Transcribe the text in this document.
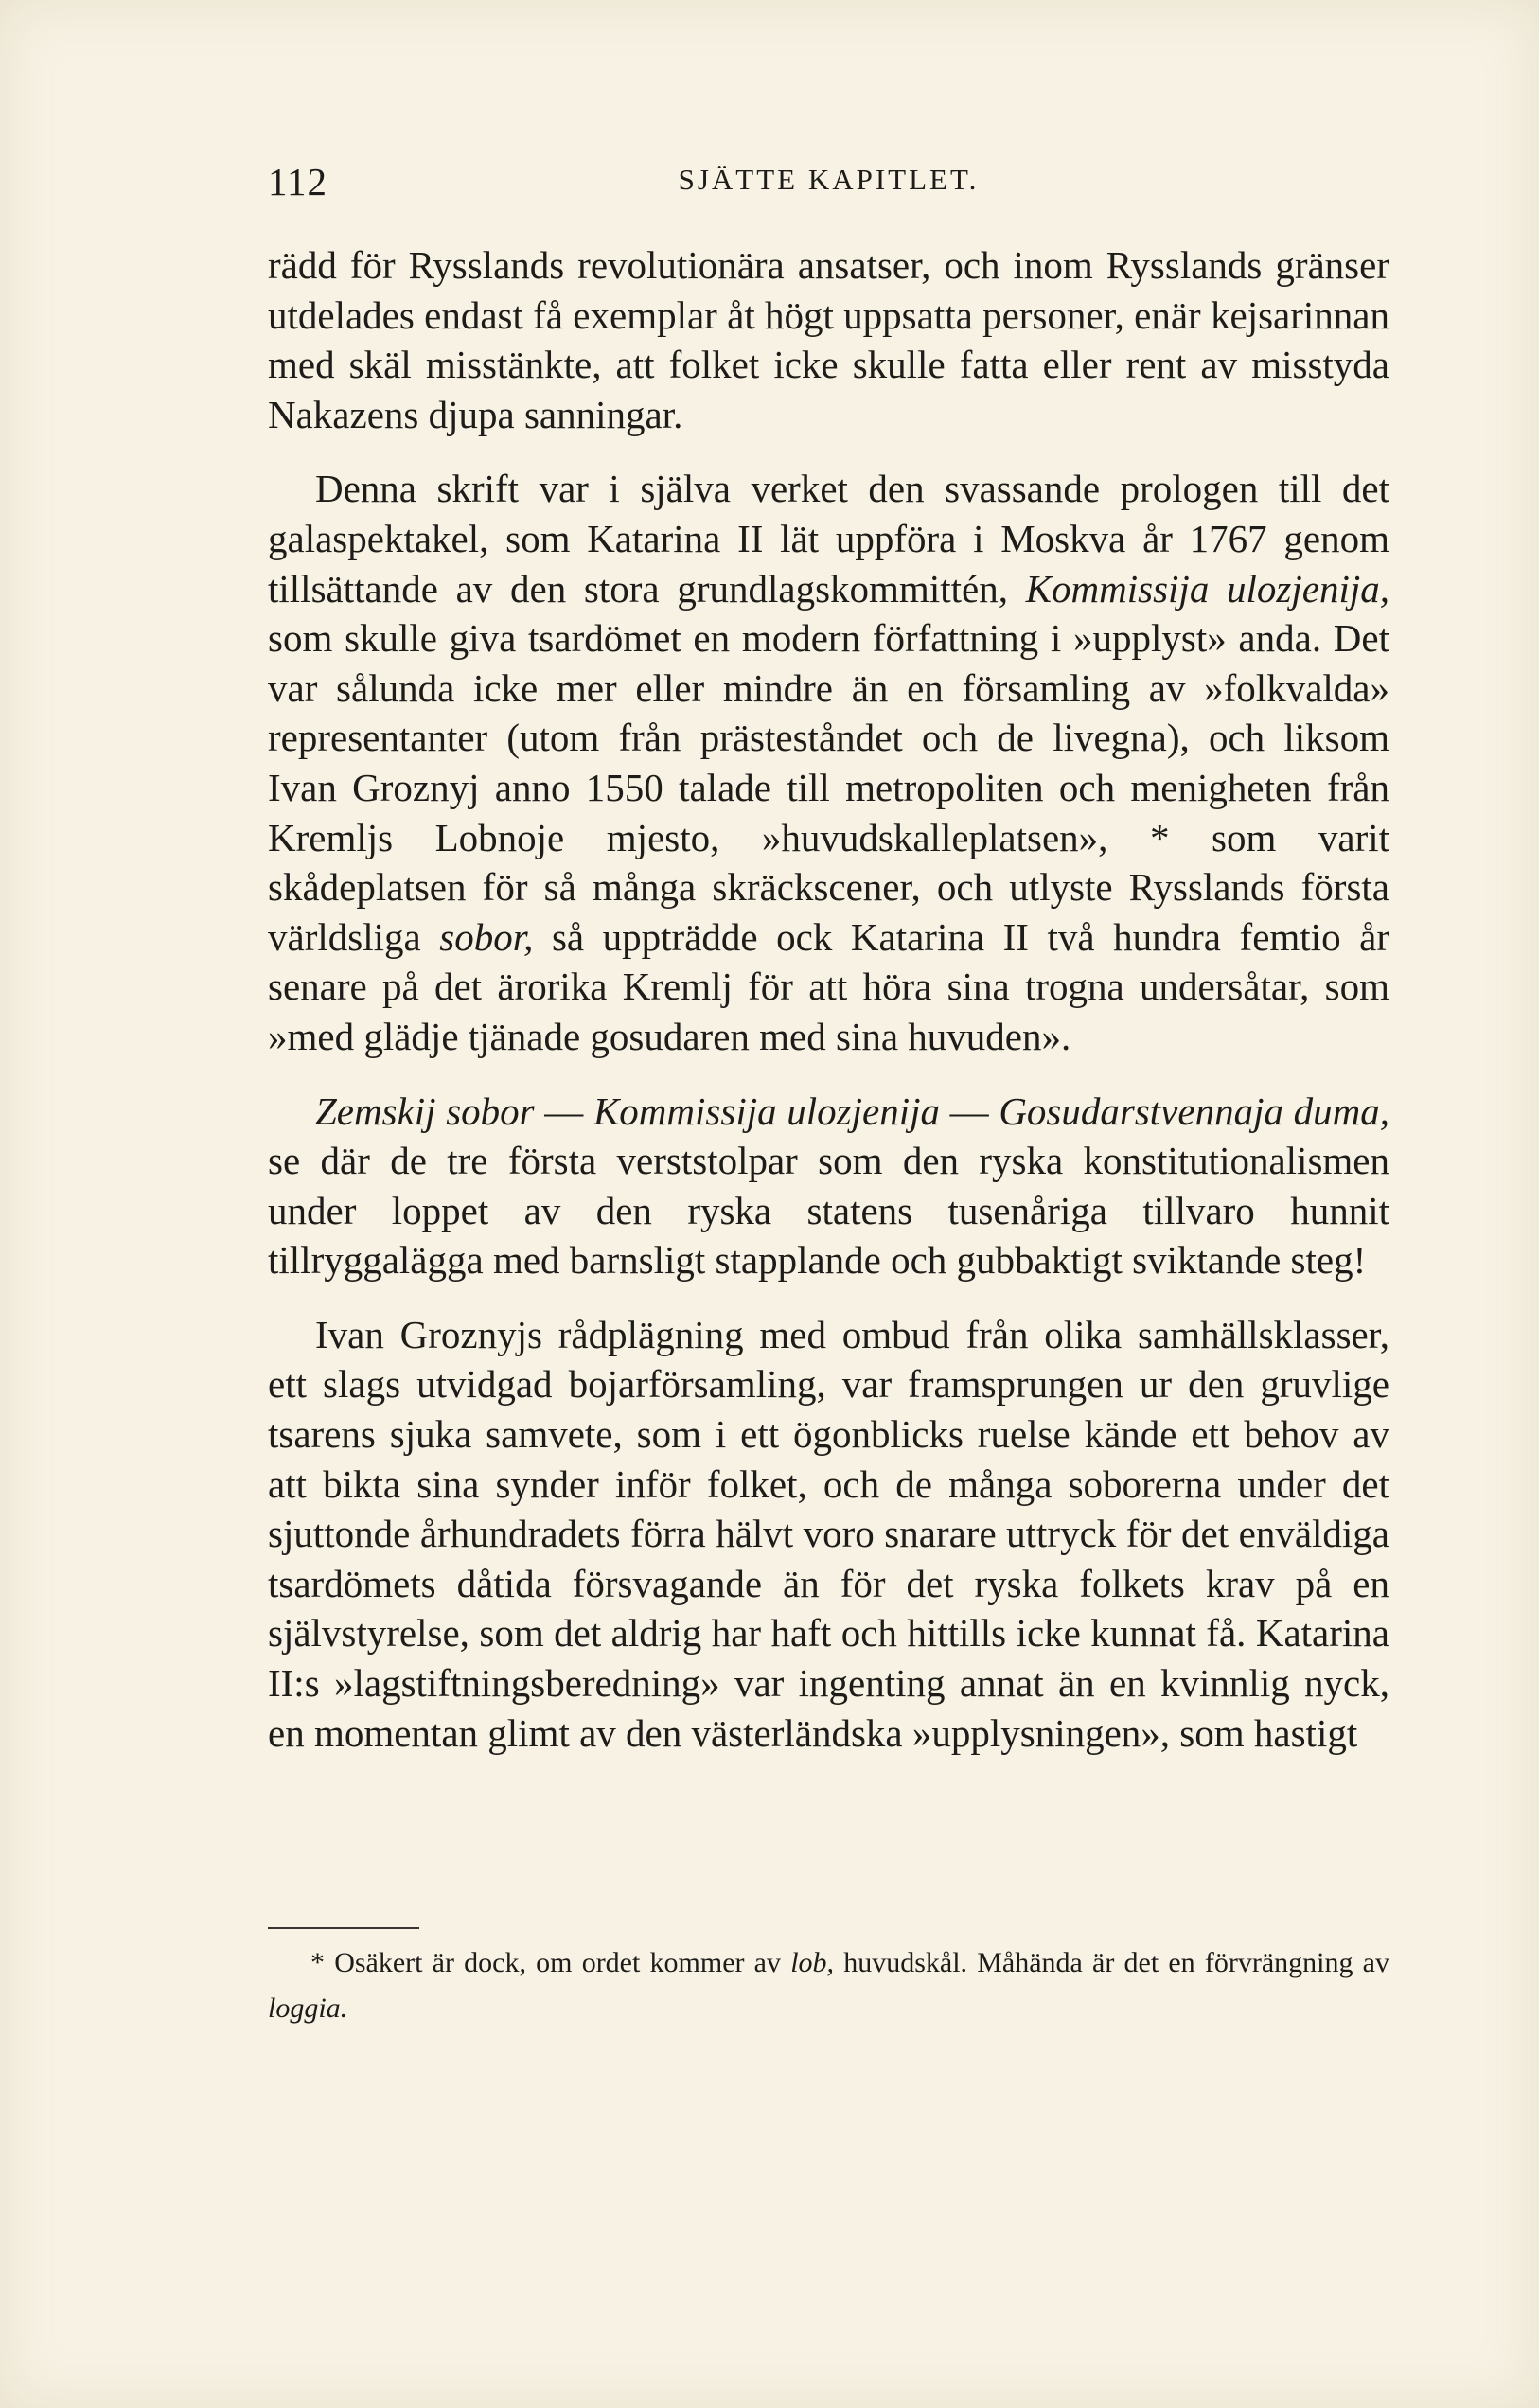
112	SJÄTTE KAPITLET.

rädd för Rysslands revolutionära ansatser, och inom Rysslands gränser utdelades endast få exemplar åt högt uppsatta personer, enär kejsarinnan med skäl misstänkte, att folket icke skulle fatta eller rent av misstyda Nakazens djupa sanningar.

Denna skrift var i själva verket den svassande prologen till det galaspektakel, som Katarina II lät uppföra i Moskva år 1767 genom tillsättande av den stora grundlagskommittén, Kommissija ulozjenija, som skulle giva tsardömet en modern författning i »upplyst» anda. Det var sålunda icke mer eller mindre än en församling av »folkvalda» representanter (utom från prästeståndet och de livegna), och liksom Ivan Groznyj anno 1550 talade till metropoliten och menigheten från Kremljs Lobnoje mjesto, »huvudskalleplatsen», * som varit skådeplatsen för så många skräckscener, och utlyste Rysslands första världsliga sobor, så uppträdde ock Katarina II två hundra femtio år senare på det ärorika Kremlj för att höra sina trogna undersåtar, som »med glädje tjänade gosudaren med sina huvuden».

Zemskij sobor — Kommissija ulozjenija — Gosudarstvennaja duma, se där de tre första verststolpar som den ryska konstitutionalismen under loppet av den ryska statens tusenåriga tillvaro hunnit tillryggalägga med barnsligt stapplande och gubbaktigt sviktande steg!

Ivan Groznyjs rådplägning med ombud från olika samhällsklasser, ett slags utvidgad bojarförsamling, var framsprungen ur den gruvlige tsarens sjuka samvete, som i ett ögonblicks ruelse kände ett behov av att bikta sina synder inför folket, och de många soborerna under det sjuttonde århundradets förra hälvt voro snarare uttryck för det enväldiga tsardömets dåtida försvagande än för det ryska folkets krav på en självstyrelse, som det aldrig har haft och hittills icke kunnat få. Katarina II:s »lagstiftningsberedning» var ingenting annat än en kvinnlig nyck, en momentan glimt av den västerländska »upplysningen», som hastigt

* Osäkert är dock, om ordet kommer av lob, huvudskål. Måhända är det en förvrängning av loggia.
